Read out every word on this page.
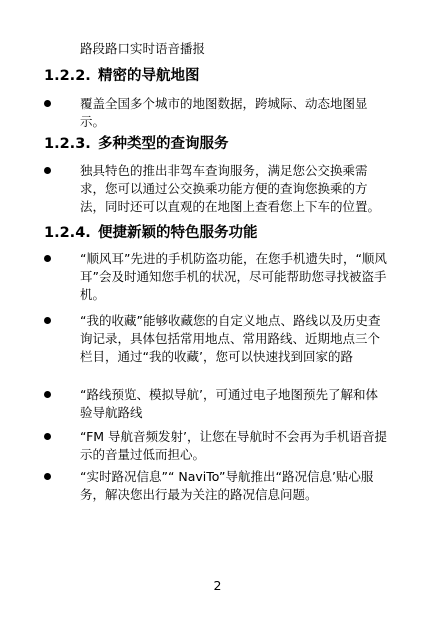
路段路口实时语音播报
1.2.2. 精密的导航地图
覆盖全国多个城市的地图数据，跨城际、动态地图显示。
1.2.3. 多种类型的查询服务
独具特色的推出非驾车查询服务，满足您公交换乘需求，您可以通过公交换乘功能方便的查询您换乘的方法，同时还可以直观的在地图上查看您上下车的位置。
1.2.4. 便捷新颖的特色服务功能
“顺风耳”先进的手机防盗功能，在您手机遗失时，“顺风耳”会及时通知您手机的状况，尽可能帮助您寻找被盗手机。
“我的收藏”能够收藏您的自定义地点、路线以及历史查询记录，具体包括常用地点、常用路线、近期地点三个栏目，通过“我的收藏’，您可以快速找到回家的路
“路线预览、模拟导航’，可通过电子地图预先了解和体验导航路线
“FM 导航音频发射’，让您在导航时不会再为手机语音提示的音量过低而担心。
“实时路况信息”“ NaviTo”导航推出“路况信息’贴心服务，解决您出行最为关注的路况信息问题。
2
